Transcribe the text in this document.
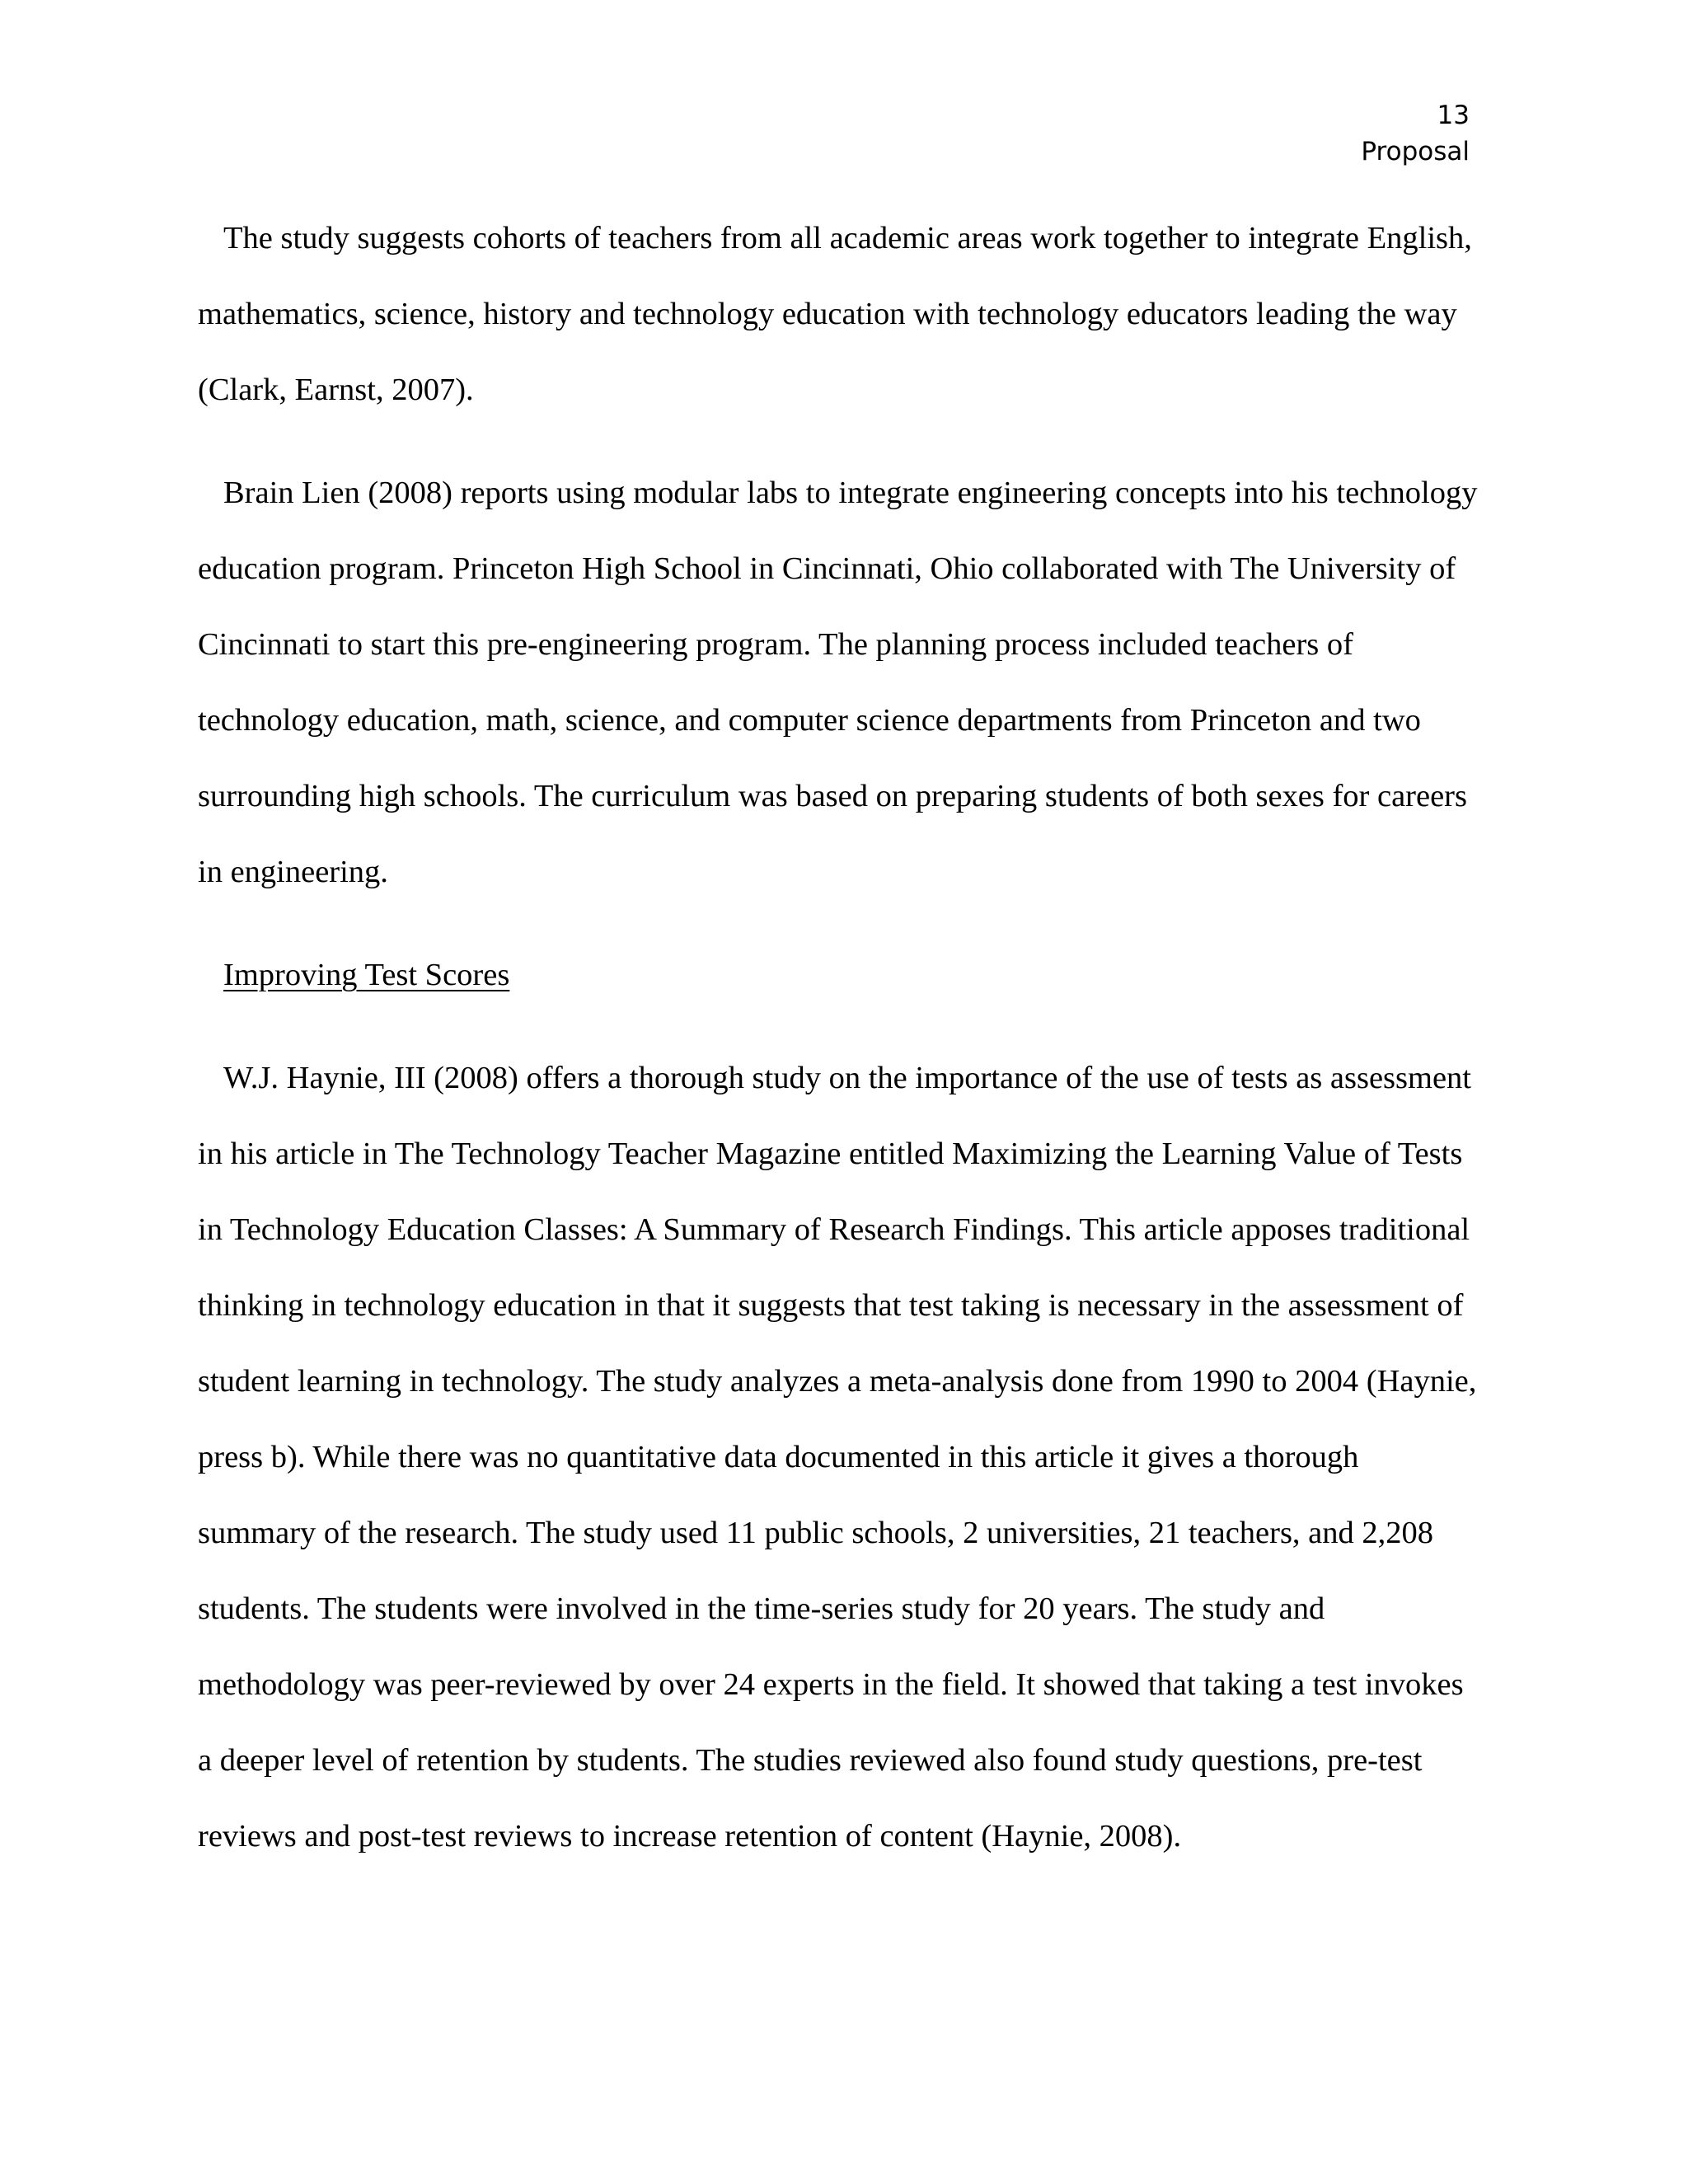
13
Proposal

The study suggests cohorts of teachers from all academic areas work together to integrate English, mathematics, science, history and technology education with technology educators leading the way (Clark, Earnst, 2007).

Brain Lien (2008) reports using modular labs to integrate engineering concepts into his technology education program. Princeton High School in Cincinnati, Ohio collaborated with The University of Cincinnati to start this pre-engineering program. The planning process included teachers of technology education, math, science, and computer science departments from Princeton and two surrounding high schools. The curriculum was based on preparing students of both sexes for careers in engineering.

Improving Test Scores

W.J. Haynie, III (2008) offers a thorough study on the importance of the use of tests as assessment in his article in The Technology Teacher Magazine entitled Maximizing the Learning Value of Tests in Technology Education Classes: A Summary of Research Findings. This article apposes traditional thinking in technology education in that it suggests that test taking is necessary in the assessment of student learning in technology. The study analyzes a meta-analysis done from 1990 to 2004 (Haynie, press b). While there was no quantitative data documented in this article it gives a thorough summary of the research. The study used 11 public schools, 2 universities, 21 teachers, and 2,208 students. The students were involved in the time-series study for 20 years. The study and methodology was peer-reviewed by over 24 experts in the field. It showed that taking a test invokes a deeper level of retention by students. The studies reviewed also found study questions, pre-test reviews and post-test reviews to increase retention of content (Haynie, 2008).
